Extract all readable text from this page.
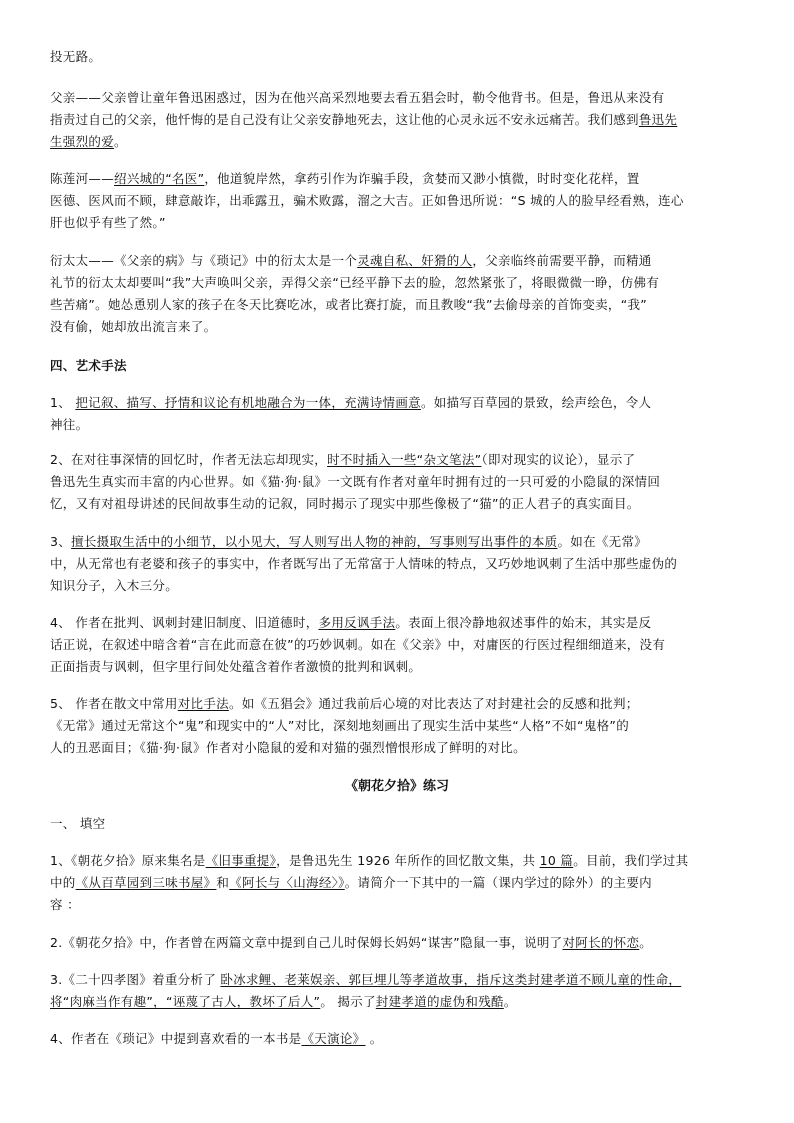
投无路。
父亲——父亲曾让童年鲁迅困惑过，因为在他兴高采烈地要去看五猖会时，勒令他背书。但是，鲁迅从来没有
指责过自己的父亲，他忏悔的是自己没有让父亲安静地死去，这让他的心灵永远不安永远痛苦。我们感到鲁迅先
生强烈的爱。
陈莲河——绍兴城的“名医”，他道貌岸然，拿药引作为诈骗手段，贪婪而又渺小慎微，时时变化花样，置
医德、医风而不顾，肆意敲诈，出乖露丑，骗术败露，溜之大吉。正如鲁迅所说：“S 城的人的脸早经看熟，连心
肝也似乎有些了然。”
衍太太——《父亲的病》与《琐记》中的衍太太是一个灵魂自私、奸猾的人，父亲临终前需要平静，而精通
礼节的衍太太却要叫“我”大声唤叫父亲，弄得父亲“已经平静下去的脸，忽然紧张了，将眼微微一睁，仿佛有
些苦痛”。她怂恿别人家的孩子在冬天比赛吃冰，或者比赛打旋，而且教唆“我”去偷母亲的首饰变卖，“我”
没有偷，她却放出流言来了。
四、艺术手法
1、 把记叙、描写、抒情和议论有机地融合为一体，充满诗情画意。如描写百草园的景致，绘声绘色，令人
神往。
2、在对往事深情的回忆时，作者无法忘却现实，时不时插入一些“杂文笔法”（即对现实的议论），显示了
鲁迅先生真实而丰富的内心世界。如《猫·狗·鼠》一文既有作者对童年时拥有过的一只可爱的小隐鼠的深情回
忆，又有对祖母讲述的民间故事生动的记叙，同时揭示了现实中那些像极了“猫”的正人君子的真实面目。
3、擅长摄取生活中的小细节，以小见大，写人则写出人物的神韵，写事则写出事件的本质。如在《无常》
中，从无常也有老婆和孩子的事实中，作者既写出了无常富于人情味的特点，又巧妙地讽刺了生活中那些虚伪的
知识分子，入木三分。
4、 作者在批判、讽刺封建旧制度、旧道德时，多用反讽手法。表面上很冷静地叙述事件的始末，其实是反
话正说，在叙述中暗含着“言在此而意在彼”的巧妙讽刺。如在《父亲》中，对庸医的行医过程细细道来，没有
正面指责与讽刺，但字里行间处处蕴含着作者激愤的批判和讽刺。
5、 作者在散文中常用对比手法。如《五猖会》通过我前后心境的对比表达了对封建社会的反感和批判；
《无常》通过无常这个“鬼”和现实中的“人”对比，深刻地刻画出了现实生活中某些“人格”不如“鬼格”的
人的丑恶面目；《猫·狗·鼠》作者对小隐鼠的爱和对猫的强烈憎恨形成了鲜明的对比。
《朝花夕拾》练习
一、 填空
1、《朝花夕拾》原来集名是《旧事重提》，是鲁迅先生 1926 年所作的回忆散文集，共 10 篇。目前，我们学过其
中的《从百草园到三味书屋》和《阿长与〈山海经〉》。请简介一下其中的一篇（课内学过的除外）的主要内
容 ：
2.《朝花夕拾》中，作者曾在两篇文章中提到自己儿时保姆长妈妈“谋害”隐鼠一事，说明了对阿长的怀恋。
3.《二十四孝图》着重分析了 卧冰求鲤、老莱娱亲、郭巨埋儿等孝道故事，指斥这类封建孝道不顾儿童的性命，
将“肉麻当作有趣”，“诬蔑了古人，教坏了后人”。 揭示了封建孝道的虚伪和残酷。
4、作者在《琐记》中提到喜欢看的一本书是《天演论》 。
